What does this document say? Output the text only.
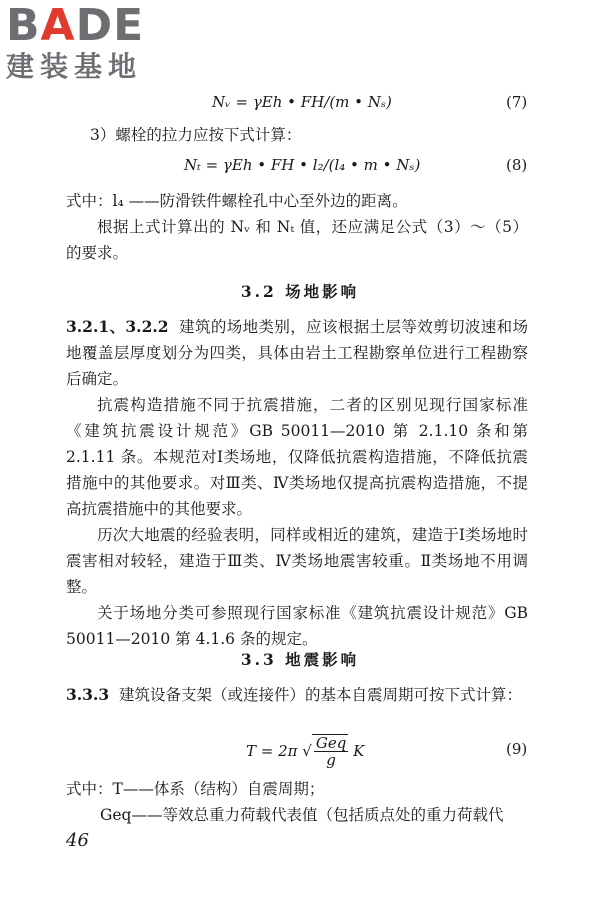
BADE
建装基地
Nᵥ = γEh • FH/(m • Nₛ)	(7)
3）螺栓的拉力应按下式计算：
Nₜ = γEh • FH • l₂/(l₄ • m • Nₛ)	(8)
式中：l₄ ——防滑铁件螺栓孔中心至外边的距离。
根据上式计算出的 Nᵥ 和 Nₜ 值，还应满足公式（3）～（5）的要求。
3.2 场地影响
3.2.1、3.2.2 建筑的场地类别，应该根据土层等效剪切波速和场地覆盖层厚度划分为四类，具体由岩土工程勘察单位进行工程勘察后确定。
抗震构造措施不同于抗震措施，二者的区别见现行国家标准《建筑抗震设计规范》GB 50011—2010 第 2.1.10 条和第 2.1.11 条。本规范对Ⅰ类场地，仅降低抗震构造措施，不降低抗震措施中的其他要求。对Ⅲ类、Ⅳ类场地仅提高抗震构造措施，不提高抗震措施中的其他要求。
历次大地震的经验表明，同样或相近的建筑，建造于Ⅰ类场地时震害相对较轻，建造于Ⅲ类、Ⅳ类场地震害较重。Ⅱ类场地不用调整。
关于场地分类可参照现行国家标准《建筑抗震设计规范》GB 50011—2010 第 4.1.6 条的规定。
3.3 地震影响
3.3.3 建筑设备支架（或连接件）的基本自震周期可按下式计算：
T = 2π √ $\frac{\text{Geq}}{g}$ K	(9)
式中：T——体系（结构）自震周期；
Geq——等效总重力荷载代表值（包括质点处的重力荷载代
46
